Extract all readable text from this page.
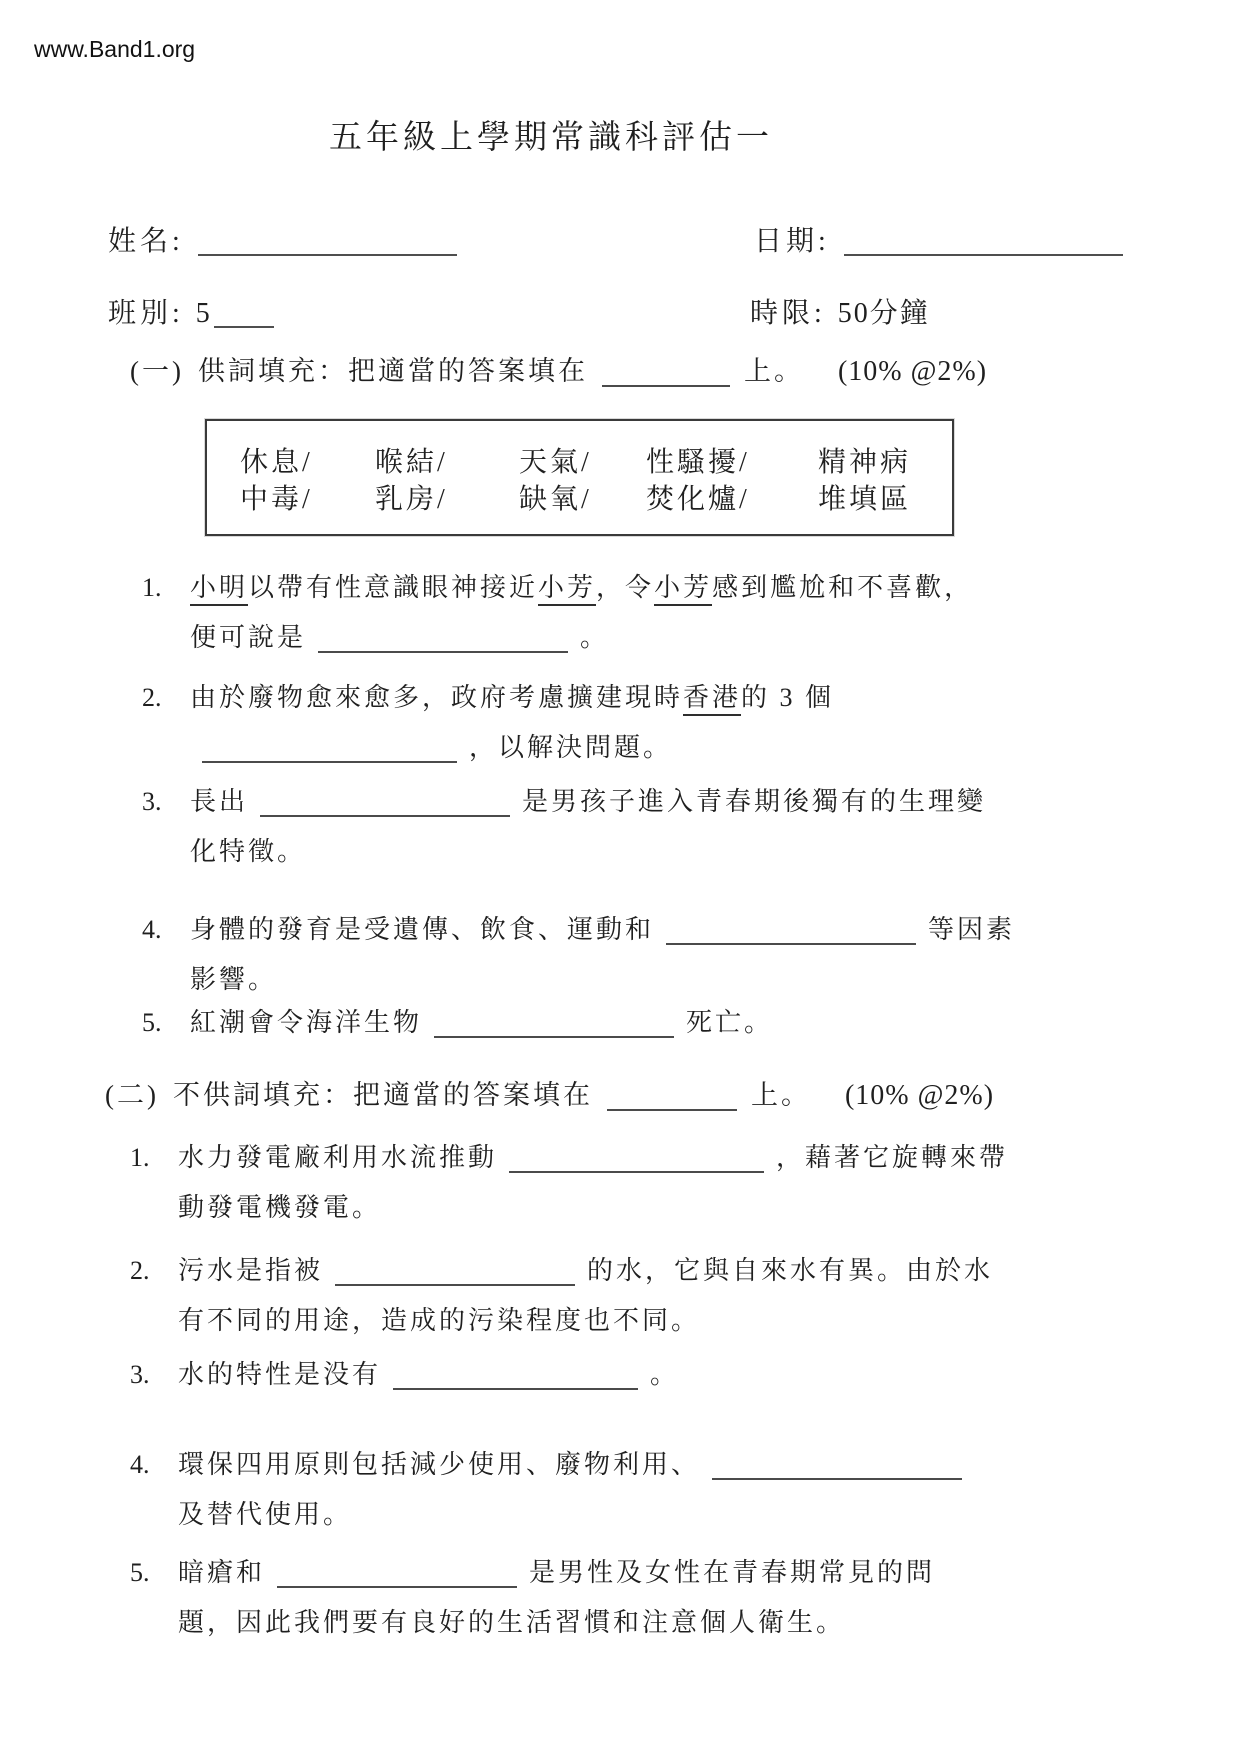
www.Band1.org
五年級上學期常識科評估一
姓名:	日期:
班別: 5	時限: 50分鐘
(一) 供詞填充：把適當的答案填在	上。 (10% @2%)
休息/ 喉結/	天氣/ 性騷擾/ 精神病
中毒/ 乳房/	缺氧/ 焚化爐/ 堆填區
1.	小明以帶有性意識眼神接近小芳，令小芳感到尷尬和不喜歡，
便可說是	。
2.	由於廢物愈來愈多，政府考慮擴建現時香港的 3 個
，以解決問題。
3.	長出	是男孩子進入青春期後獨有的生理變
化特徵。
4.	身體的發育是受遺傳、飲食、運動和	等因素
影響。
5.	紅潮會令海洋生物	死亡。
(二) 不供詞填充：把適當的答案填在	上。 (10% @2%)
1.	水力發電廠利用水流推動	，藉著它旋轉來帶
動發電機發電。
2.	污水是指被	的水，它與自來水有異。由於水
有不同的用途，造成的污染程度也不同。
3.	水的特性是没有	。
4.	環保四用原則包括減少使用、廢物利用、
及替代使用。
5.	暗瘡和	是男性及女性在青春期常見的問
題，因此我們要有良好的生活習慣和注意個人衛生。
